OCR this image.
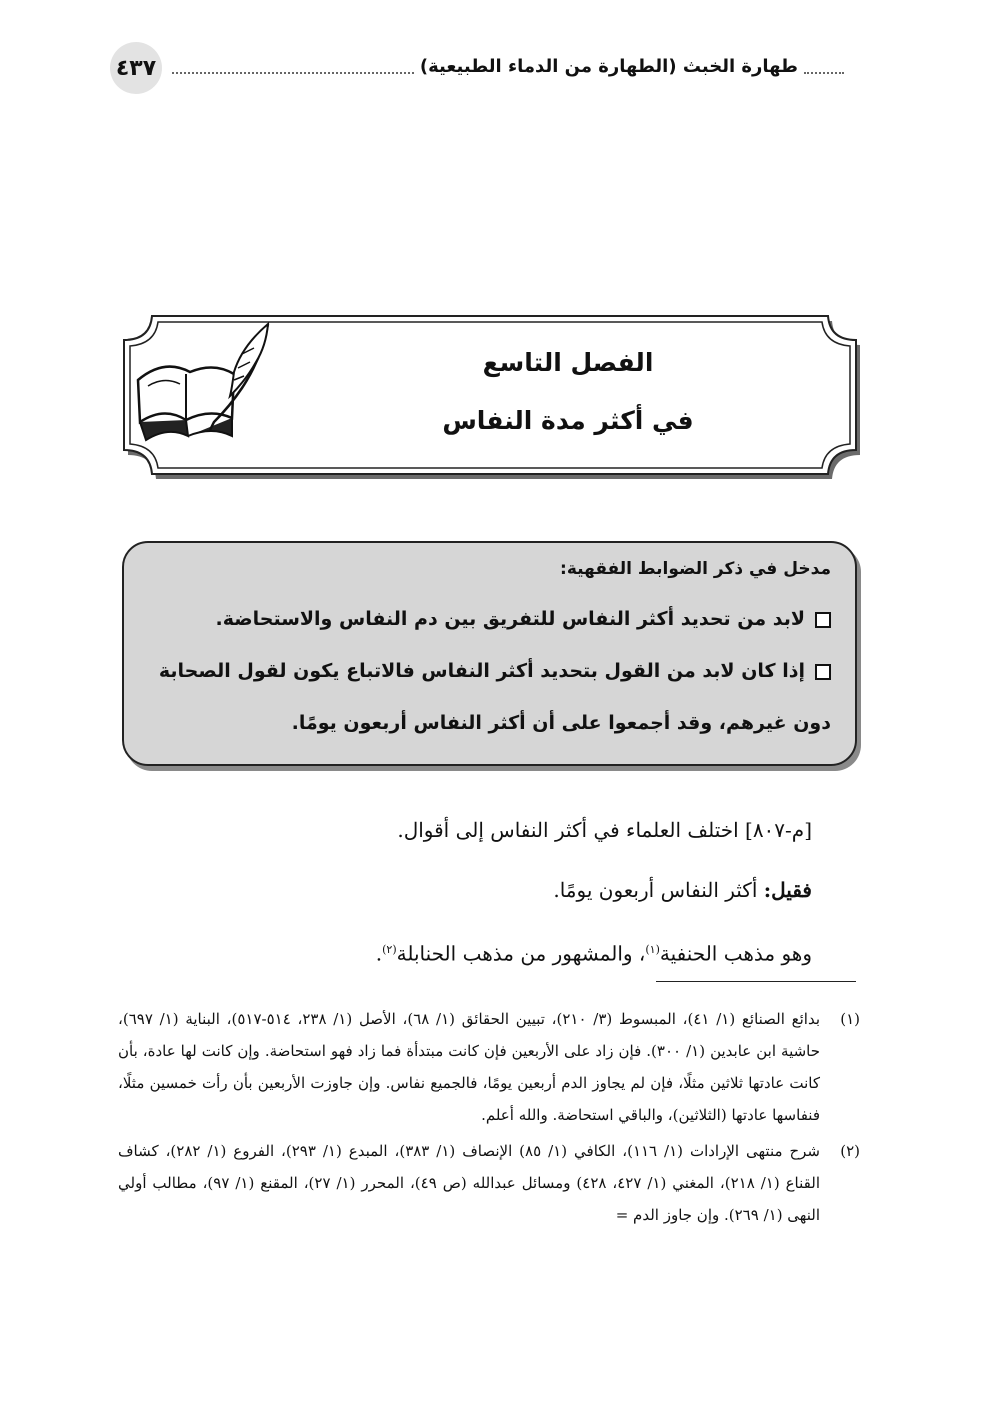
٤٣٧	طهارة الخبث (الطهارة من الدماء الطبيعية)
الفصل التاسع
في أكثر مدة النفاس
مدخل في ذكر الضوابط الفقهية:

لابد من تحديد أكثر النفاس للتفريق بين دم النفاس والاستحاضة.

إذا كان لابد من القول بتحديد أكثر النفاس فالاتباع يكون لقول الصحابة دون غيرهم، وقد أجمعوا على أن أكثر النفاس أربعون يومًا.

[م-٨٠٧] اختلف العلماء في أكثر النفاس إلى أقوال.

فقيل: أكثر النفاس أربعون يومًا.

وهو مذهب الحنفية$^{(١)}$، والمشهور من مذهب الحنابلة$^{(٢)}$.

(١)
بدائع الصنائع (١/ ٤١)، المبسوط (٣/ ٢١٠)، تبيين الحقائق (١/ ٦٨)، الأصل (١/ ٢٣٨، ٥١٤-٥١٧)، البناية (١/ ٦٩٧)، حاشية ابن عابدين (١/ ٣٠٠). فإن زاد على الأربعين فإن كانت مبتدأة فما زاد فهو استحاضة. وإن كانت لها عادة، بأن كانت عادتها ثلاثين مثلًا، فإن لم يجاوز الدم أربعين يومًا، فالجميع نفاس. وإن جاوزت الأربعين بأن رأت خمسين مثلًا، فنفاسها عادتها (الثلاثين)، والباقي استحاضة. والله أعلم.
(٢)
شرح منتهى الإرادات (١/ ١١٦)، الكافي (١/ ٨٥) الإنصاف (١/ ٣٨٣)، المبدع (١/ ٢٩٣)، الفروع (١/ ٢٨٢)، كشاف القناع (١/ ٢١٨)، المغني (١/ ٤٢٧، ٤٢٨) ومسائل عبدالله (ص ٤٩)، المحرر (١/ ٢٧)، المقنع (١/ ٩٧)، مطالب أولي النهى (١/ ٢٦٩). وإن جاوز الدم =
